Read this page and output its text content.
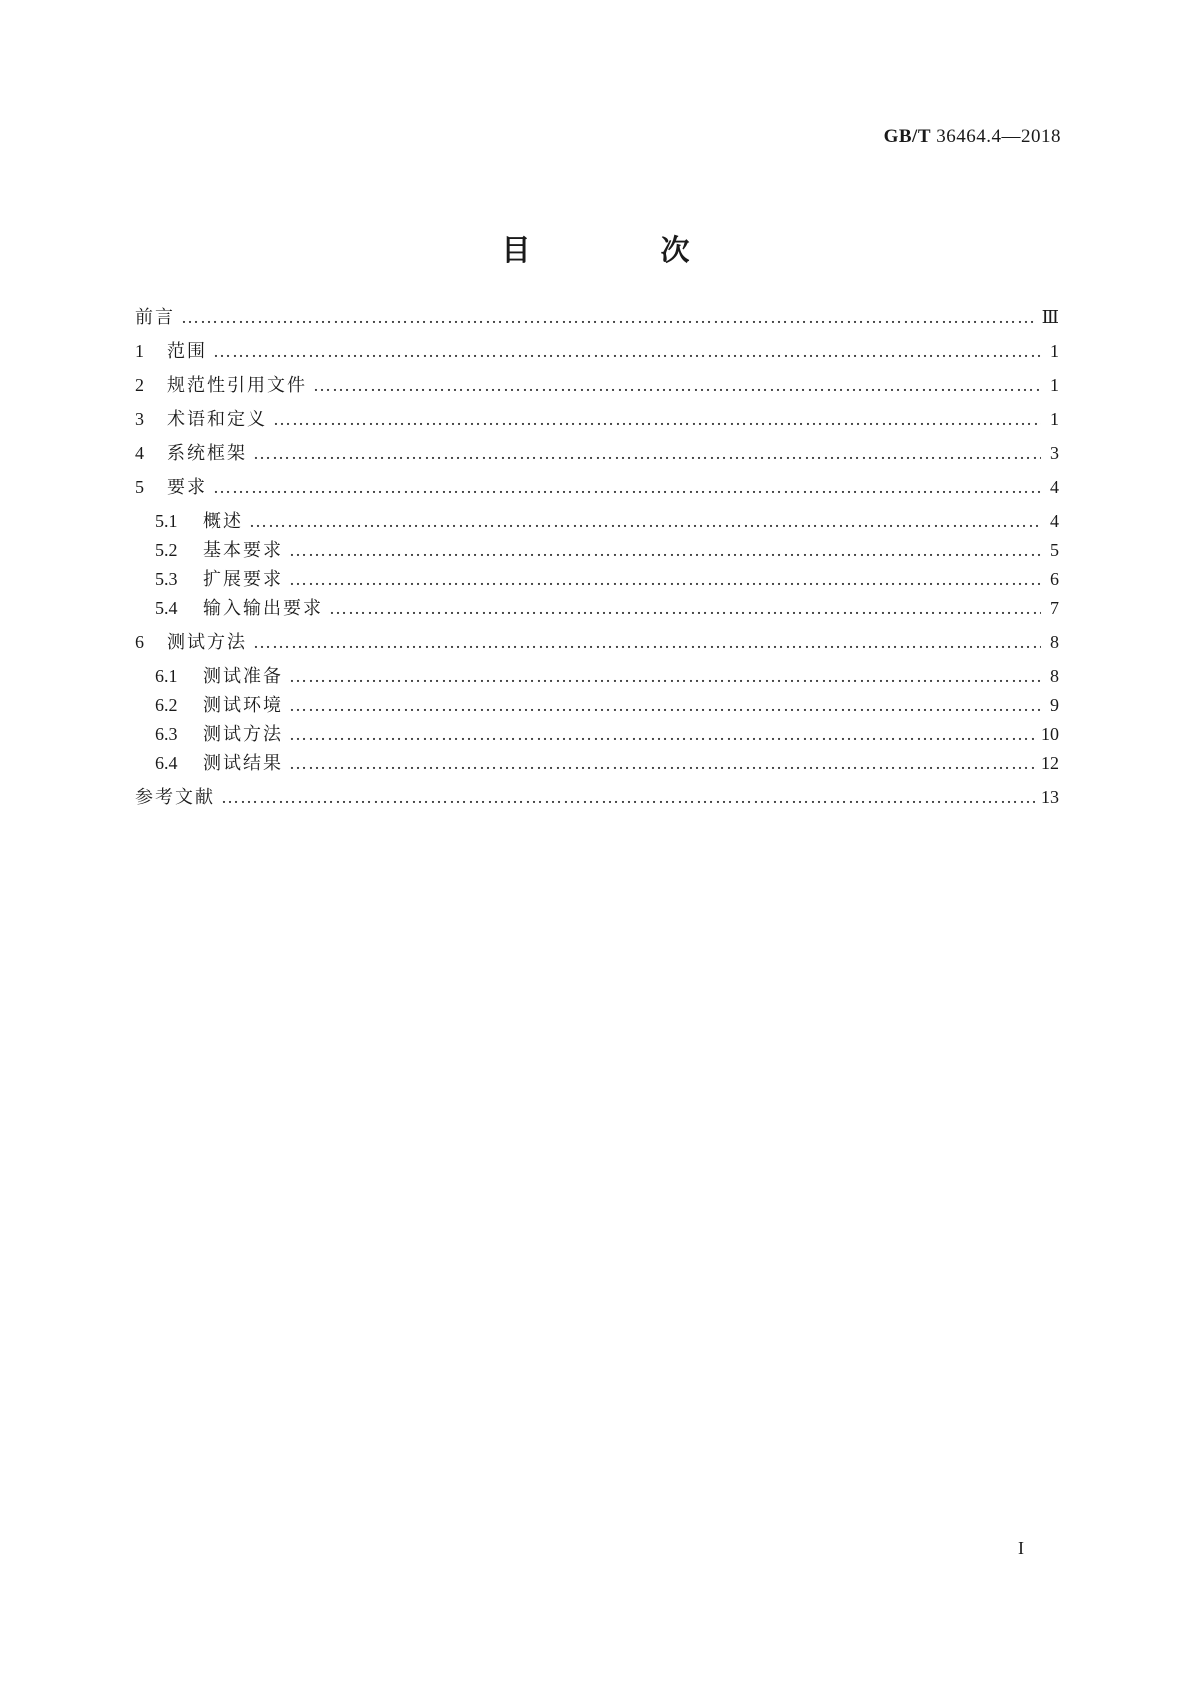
GB/T 36464.4—2018
目 次
前言 ……………………………………………………………………………………………………………………………………………………………………………………………………………………………………	Ⅲ
1	范围 ……………………………………………………………………………………………………………………………………………………………………………………………………………………………………	1
2	规范性引用文件 ……………………………………………………………………………………………………………………………………………………………………………………………………………………………………	1
3	术语和定义 ……………………………………………………………………………………………………………………………………………………………………………………………………………………………………	1
4	系统框架 ……………………………………………………………………………………………………………………………………………………………………………………………………………………………………	3
5	要求 ……………………………………………………………………………………………………………………………………………………………………………………………………………………………………	4
5.1	概述 ……………………………………………………………………………………………………………………………………………………………………………………………………………………………………	4
5.2	基本要求 ……………………………………………………………………………………………………………………………………………………………………………………………………………………………………	5
5.3	扩展要求 ……………………………………………………………………………………………………………………………………………………………………………………………………………………………………	6
5.4	输入输出要求 ……………………………………………………………………………………………………………………………………………………………………………………………………………………………………	7
6	测试方法 ……………………………………………………………………………………………………………………………………………………………………………………………………………………………………	8
6.1	测试准备 ……………………………………………………………………………………………………………………………………………………………………………………………………………………………………	8
6.2	测试环境 ……………………………………………………………………………………………………………………………………………………………………………………………………………………………………	9
6.3	测试方法 ……………………………………………………………………………………………………………………………………………………………………………………………………………………………………	10
6.4	测试结果 ……………………………………………………………………………………………………………………………………………………………………………………………………………………………………	12
参考文献 ……………………………………………………………………………………………………………………………………………………………………………………………………………………………………	13
I
